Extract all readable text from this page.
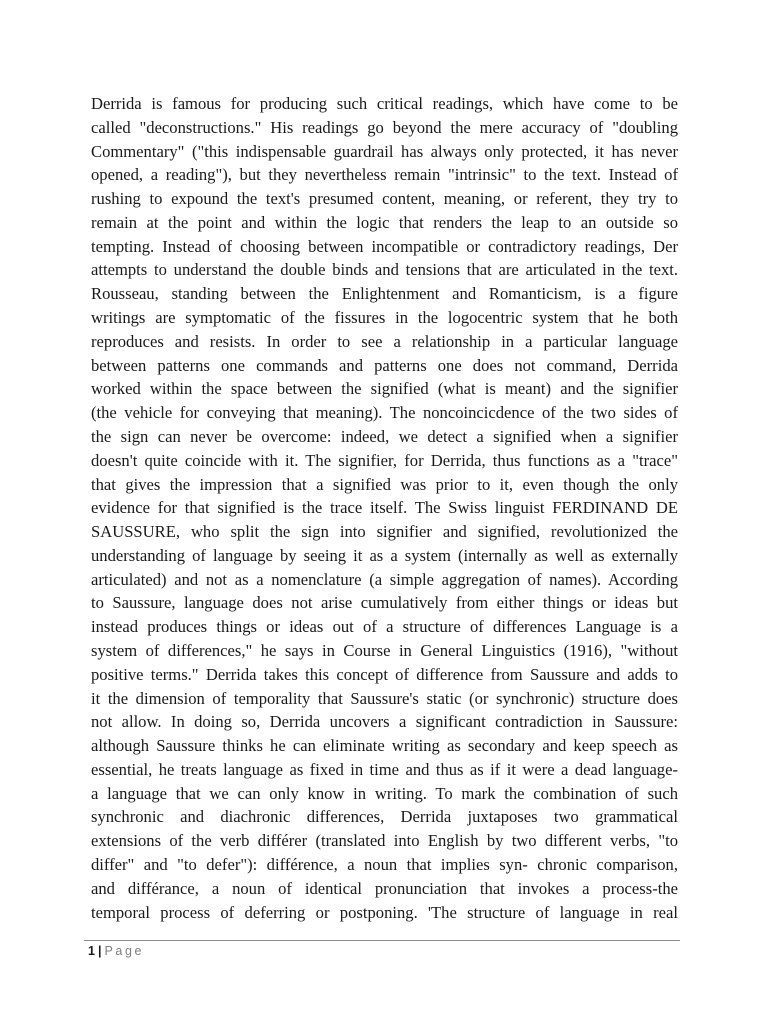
Derrida is famous for producing such critical readings, which have come to be
called "deconstructions." His readings go beyond the mere accuracy of "doubling
Commentary" ("this indispensable guardrail has always only protected, it has never
opened, a reading"), but they nevertheless remain "intrinsic" to the text. Instead of
rushing to expound the text's presumed content, meaning, or referent, they try to
remain at the point and within the logic that renders the leap to an outside so
tempting. Instead of choosing between incompatible or contradictory readings, Der
attempts to understand the double binds and tensions that are articulated in the text.
Rousseau, standing between the Enlightenment and Romanticism, is a figure
writings are symptomatic of the fissures in the logocentric system that he both
reproduces and resists. In order to see a relationship in a particular language
between patterns one commands and patterns one does not command, Derrida
worked within the space between the signified (what is meant) and the signifier
(the vehicle for conveying that meaning). The noncoincicdence of the two sides of
the sign can never be overcome: indeed, we detect a signified when a signifier
doesn't quite coincide with it. The signifier, for Derrida, thus functions as a "trace"
that gives the impression that a signified was prior to it, even though the only
evidence for that signified is the trace itself. The Swiss linguist FERDINAND DE
SAUSSURE, who split the sign into signifier and signified, revolutionized the
understanding of language by seeing it as a system (internally as well as externally
articulated) and not as a nomenclature (a simple aggregation of names). According
to Saussure, language does not arise cumulatively from either things or ideas but
instead produces things or ideas out of a structure of differences Language is a
system of differences," he says in Course in General Linguistics (1916), "without
positive terms." Derrida takes this concept of difference from Saussure and adds to
it the dimension of temporality that Saussure's static (or synchronic) structure does
not allow. In doing so, Derrida uncovers a significant contradiction in Saussure:
although Saussure thinks he can eliminate writing as secondary and keep speech as
essential, he treats language as fixed in time and thus as if it were a dead language-
a language that we can only know in writing. To mark the combination of such
synchronic and diachronic differences, Derrida juxtaposes two grammatical
extensions of the verb différer (translated into English by two different verbs, "to
differ" and "to defer"): différence, a noun that implies syn- chronic comparison,
and différance, a noun of identical pronunciation that invokes a process-the
temporal process of deferring or postponing. 'The structure of language in real

1 | Page
